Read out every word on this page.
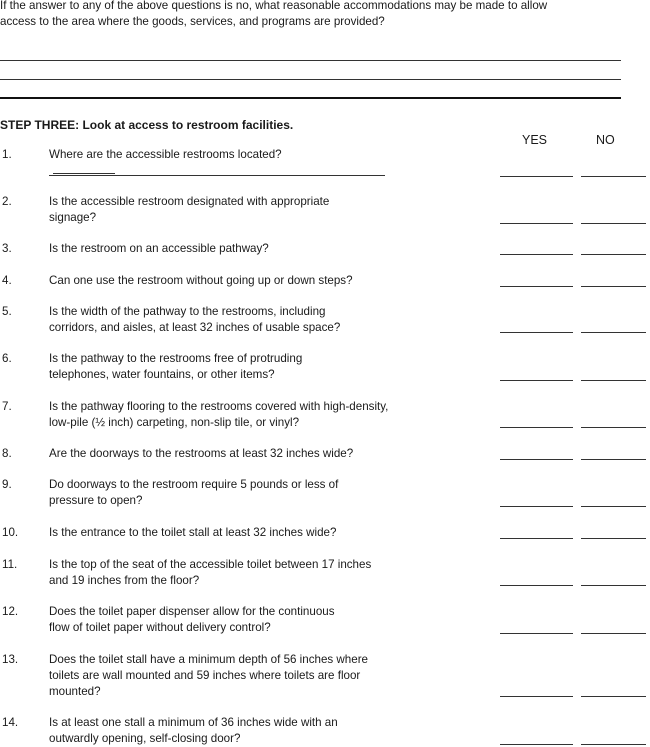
If the answer to any of the above questions is no, what reasonable accommodations may be made to allow
access to the area where the goods, services, and programs are provided?
STEP THREE: Look at access to restroom facilities.
YES	NO
1.	Where are the accessible restrooms located?
2.	Is the accessible restroom designated with appropriate
signage?
3.	Is the restroom on an accessible pathway?
4.	Can one use the restroom without going up or down steps?
5.	Is the width of the pathway to the restrooms, including
corridors, and aisles, at least 32 inches of usable space?
6.	Is the pathway to the restrooms free of protruding
telephones, water fountains, or other items?
7.	Is the pathway flooring to the restrooms covered with high-density,
low-pile (½ inch) carpeting, non-slip tile, or vinyl?
8.	Are the doorways to the restrooms at least 32 inches wide?
9.	Do doorways to the restroom require 5 pounds or less of
pressure to open?
10.	Is the entrance to the toilet stall at least 32 inches wide?
11.	Is the top of the seat of the accessible toilet between 17 inches
and 19 inches from the floor?
12.	Does the toilet paper dispenser allow for the continuous
flow of toilet paper without delivery control?
13.	Does the toilet stall have a minimum depth of 56 inches where
toilets are wall mounted and 59 inches where toilets are floor
mounted?
14.	Is at least one stall a minimum of 36 inches wide with an
outwardly opening, self-closing door?
